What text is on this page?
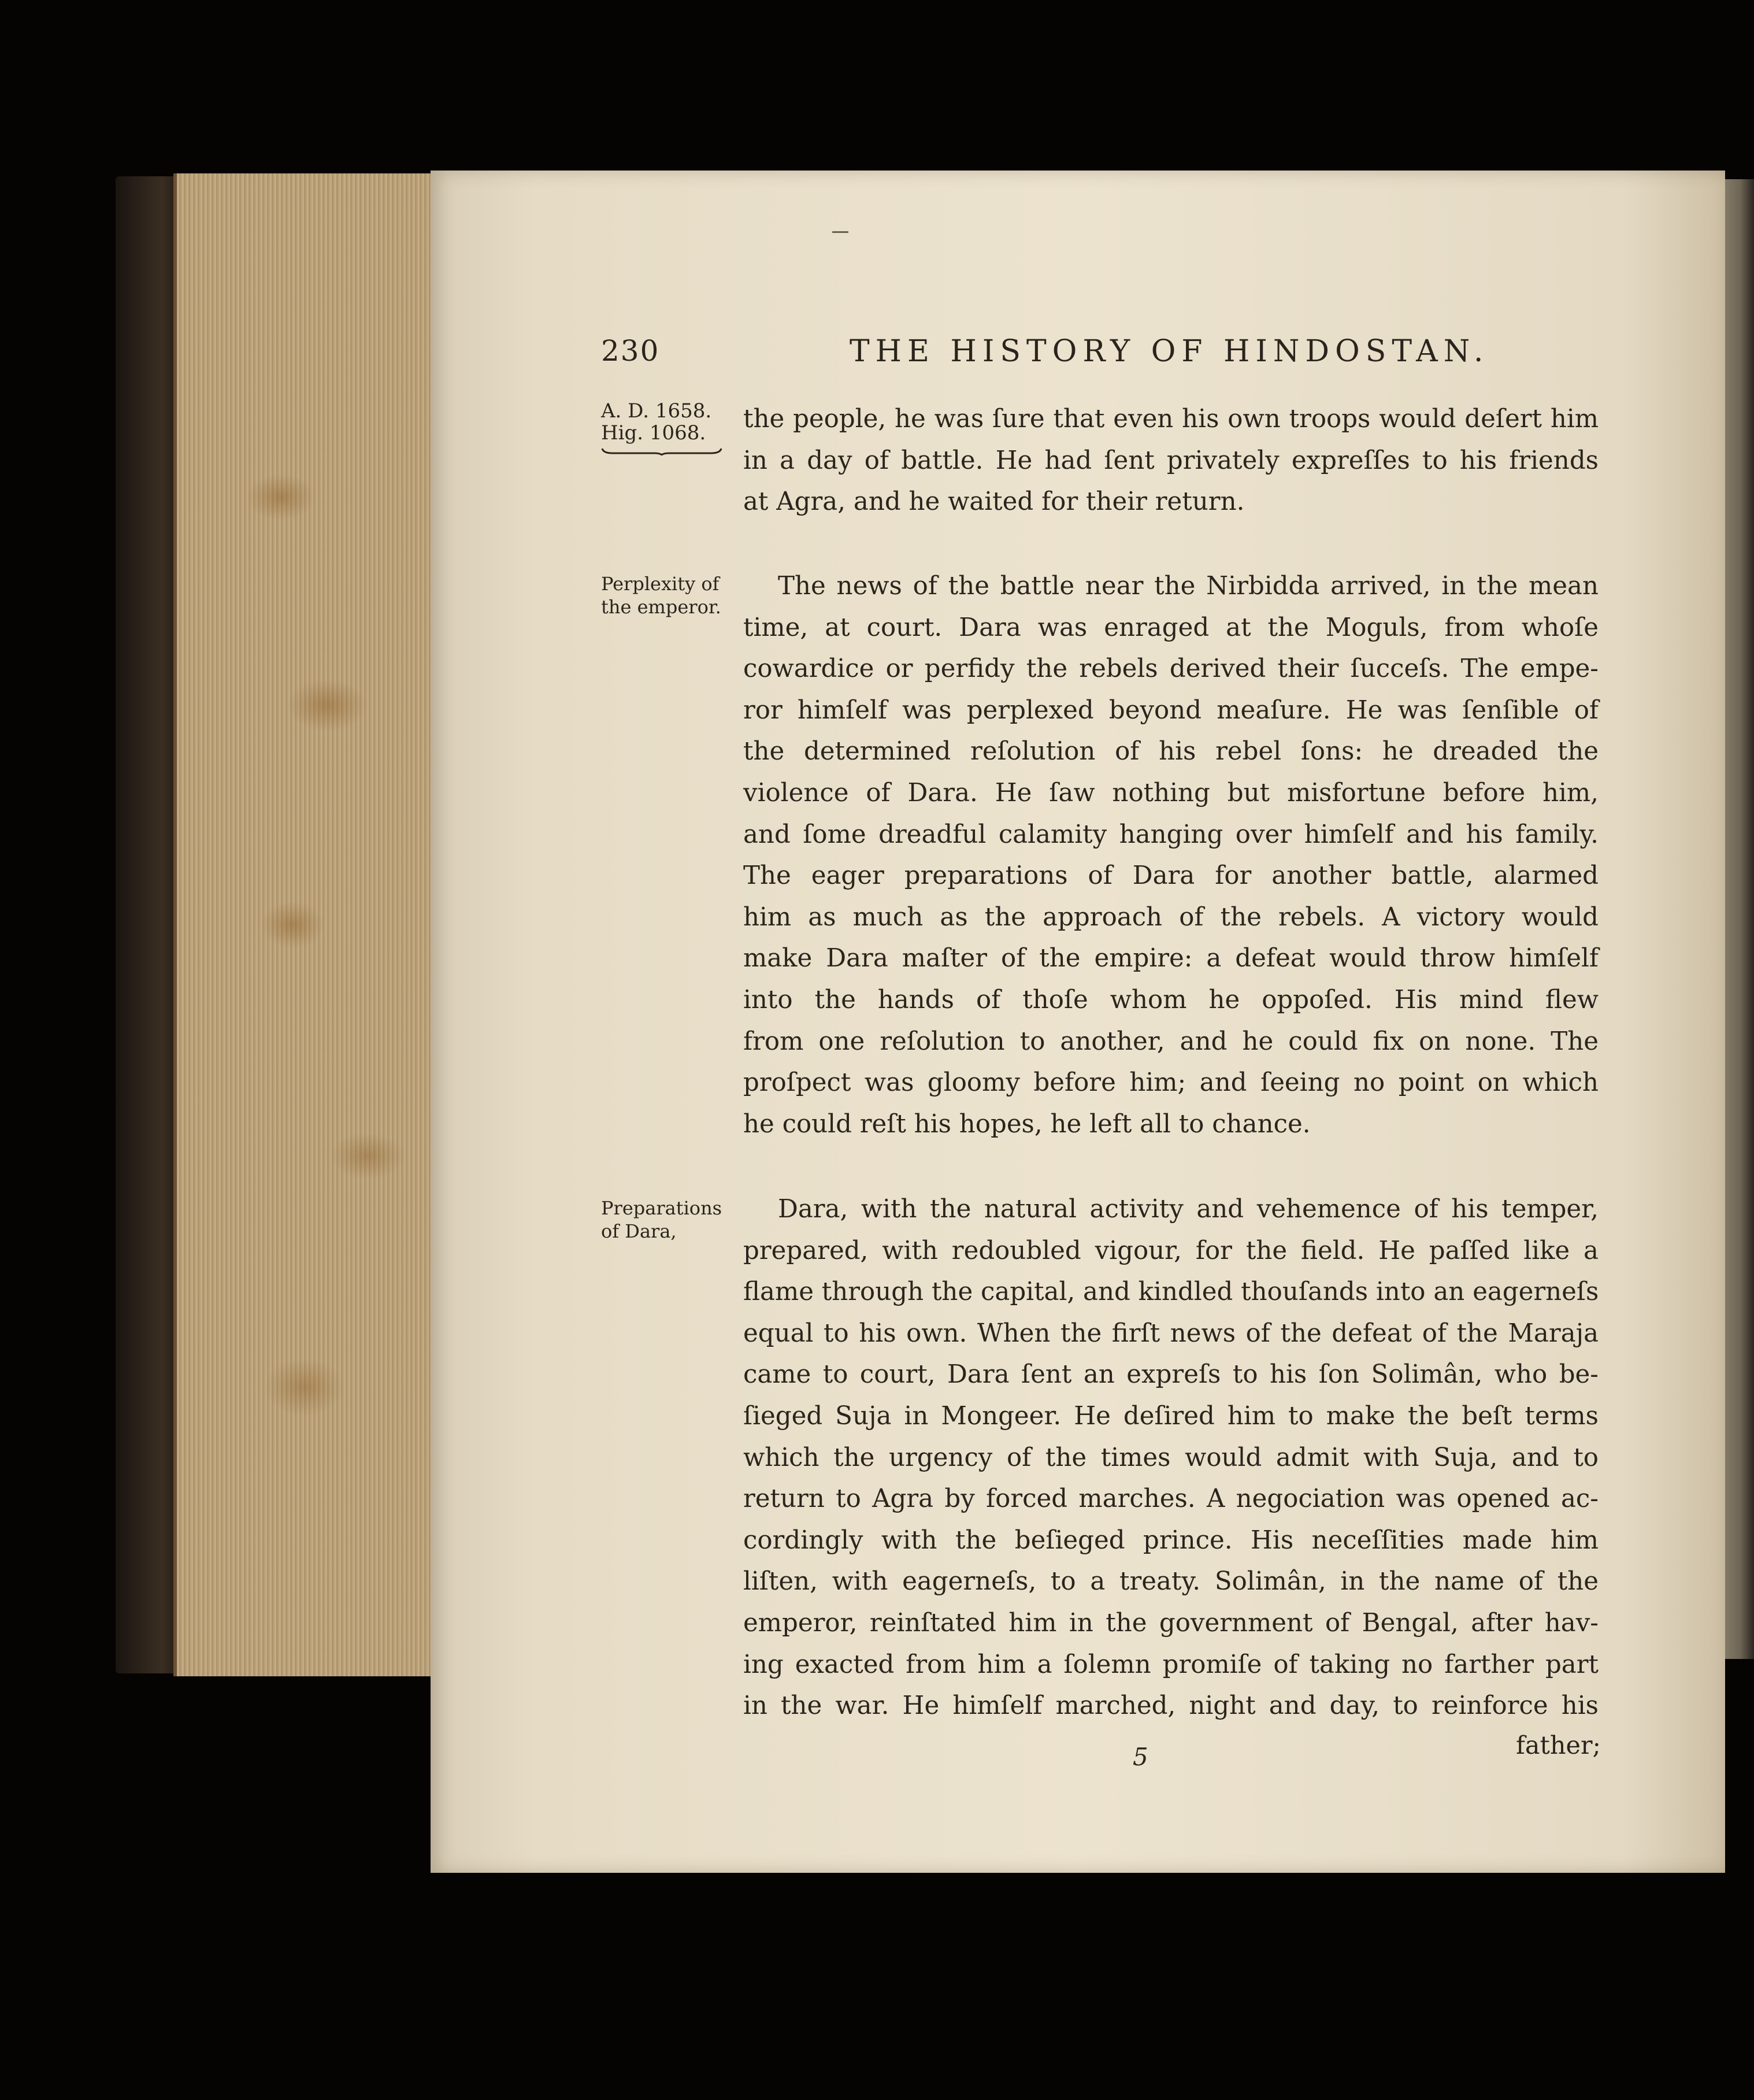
230	THE HISTORY OF HINDOSTAN.
A. D. 1658.
Hig. 1068.
Perplexity of
the emperor.
Preparations
of Dara,
the people, he was ſure that even his own troops would deſert him
in a day of battle. He had ſent privately expreſſes to his friends
at Agra, and he waited for their return.
The news of the battle near the Nirbidda arrived, in the mean
time, at court. Dara was enraged at the Moguls, from whoſe
cowardice or perfidy the rebels derived their ſucceſs. The empe-
ror himſelf was perplexed beyond meaſure. He was ſenſible of
the determined reſolution of his rebel ſons: he dreaded the
violence of Dara. He ſaw nothing but misfortune before him,
and ſome dreadful calamity hanging over himſelf and his family.
The eager preparations of Dara for another battle, alarmed
him as much as the approach of the rebels. A victory would
make Dara maſter of the empire: a defeat would throw himſelf
into the hands of thoſe whom he oppoſed. His mind flew
from one reſolution to another, and he could fix on none. The
proſpect was gloomy before him; and ſeeing no point on which
he could reſt his hopes, he left all to chance.
Dara, with the natural activity and vehemence of his temper,
prepared, with redoubled vigour, for the field. He paſſed like a
flame through the capital, and kindled thouſands into an eagerneſs
equal to his own. When the firſt news of the defeat of the Maraja
came to court, Dara ſent an expreſs to his ſon Solimân, who be-
ſieged Suja in Mongeer. He deſired him to make the beſt terms
which the urgency of the times would admit with Suja, and to
return to Agra by forced marches. A negociation was opened ac-
cordingly with the beſieged prince. His neceſſities made him
liſten, with eagerneſs, to a treaty. Solimân, in the name of the
emperor, reinſtated him in the government of Bengal, after hav-
ing exacted from him a ſolemn promiſe of taking no farther part
in the war. He himſelf marched, night and day, to reinforce his
5	father;
